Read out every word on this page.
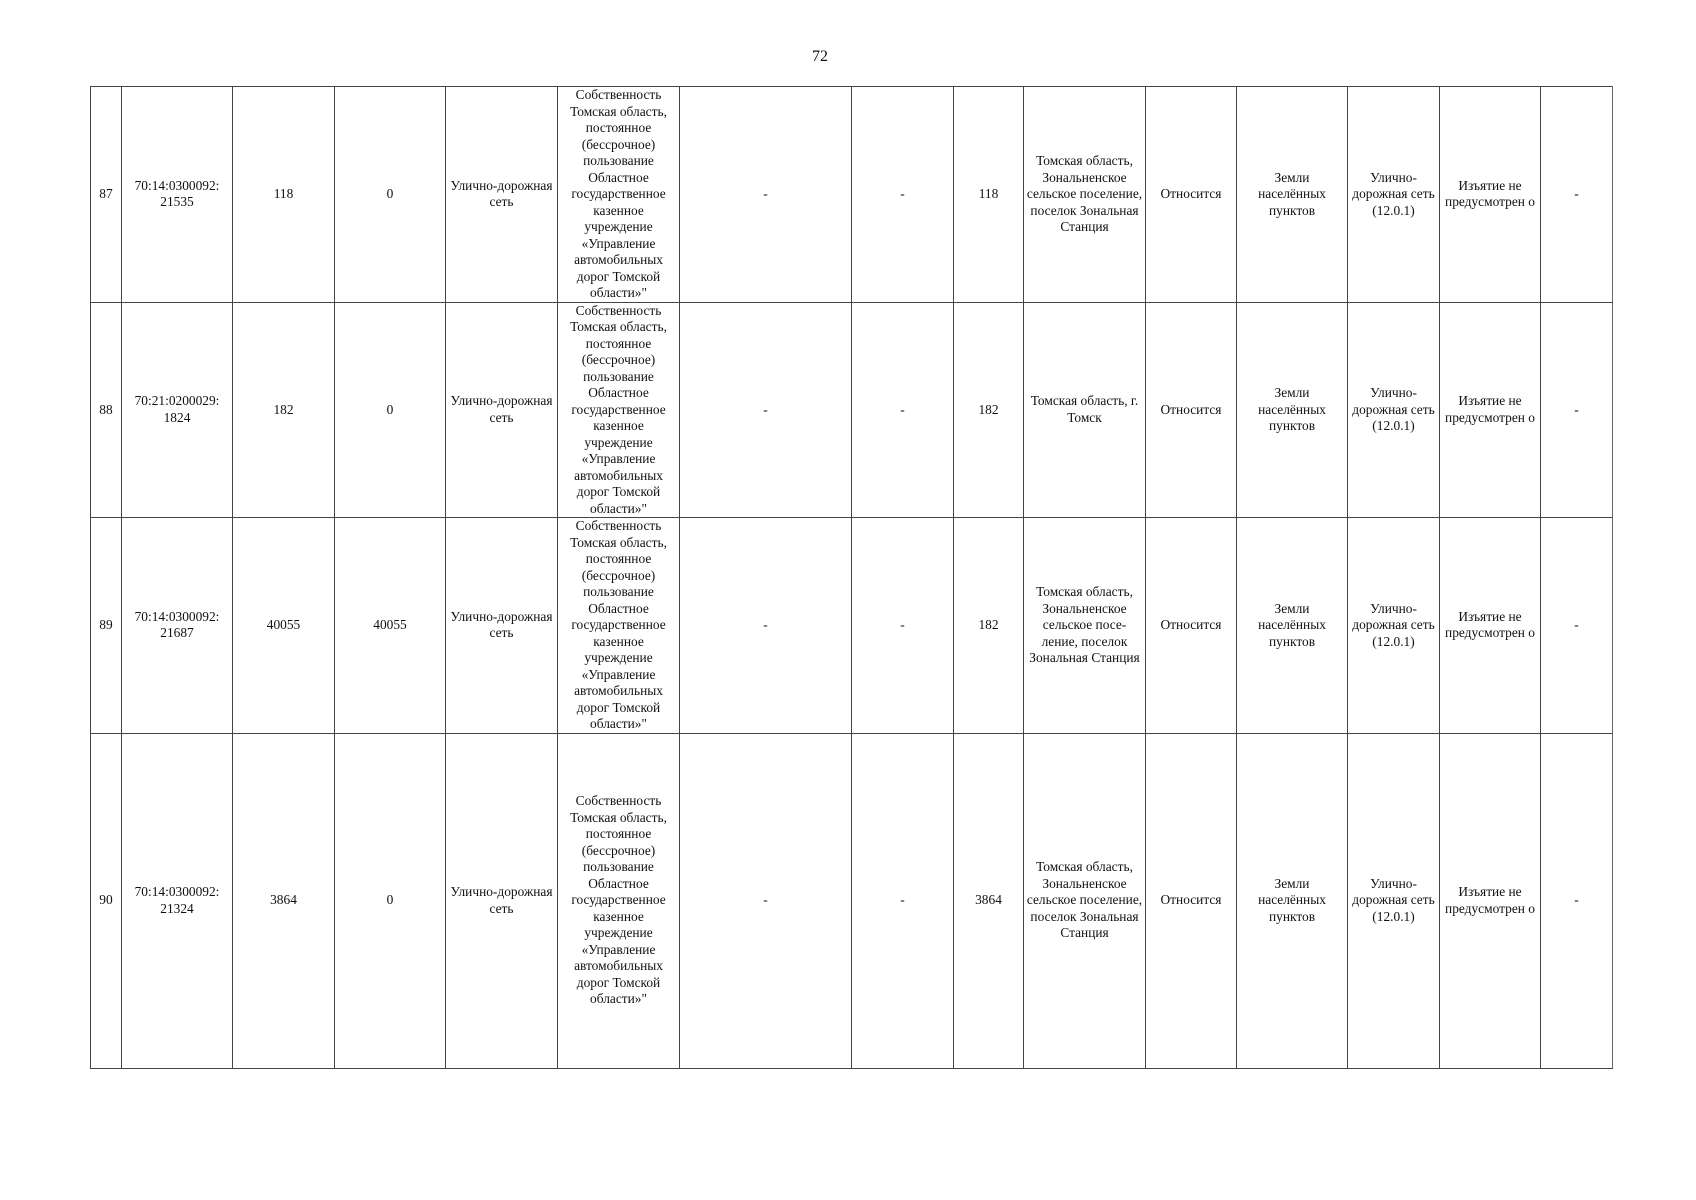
72
87	70:14:0300092: 21535	118	0	Улично-дорожная сеть	Собственность Томская область, постоянное (бессрочное) пользование Областное государственное казенное учреждение «Управление автомобильных дорог Томской области»"	-	-	118	Томская область, Зональненское сельское поселение, поселок Зональная Станция	Относится	Земли населённых пунктов	Улично-дорожная сеть (12.0.1)	Изъятие не предусмотрен о	-
88	70:21:0200029: 1824	182	0	Улично-дорожная сеть	Собственность Томская область, постоянное (бессрочное) пользование Областное государственное казенное учреждение «Управление автомобильных дорог Томской области»"	-	-	182	Томская область, г. Томск	Относится	Земли населённых пунктов	Улично-дорожная сеть (12.0.1)	Изъятие не предусмотрен о	-
89	70:14:0300092: 21687	40055	40055	Улично-дорожная сеть	Собственность Томская область, постоянное (бессрочное) пользование Областное государственное казенное учреждение «Управление автомобильных дорог Томской области»"	-	-	182	Томская область, Зональненское сельское посе-ление, поселок Зональная Станция	Относится	Земли населённых пунктов	Улично-дорожная сеть (12.0.1)	Изъятие не предусмотрен о	-
90	70:14:0300092: 21324	3864	0	Улично-дорожная сеть	Собственность Томская область, постоянное (бессрочное) пользование Областное государственное казенное учреждение «Управление автомобильных дорог Томской области»"	-	-	3864	Томская область, Зональненское сельское поселение, поселок Зональная Станция	Относится	Земли населённых пунктов	Улично-дорожная сеть (12.0.1)	Изъятие не предусмотрен о	-
